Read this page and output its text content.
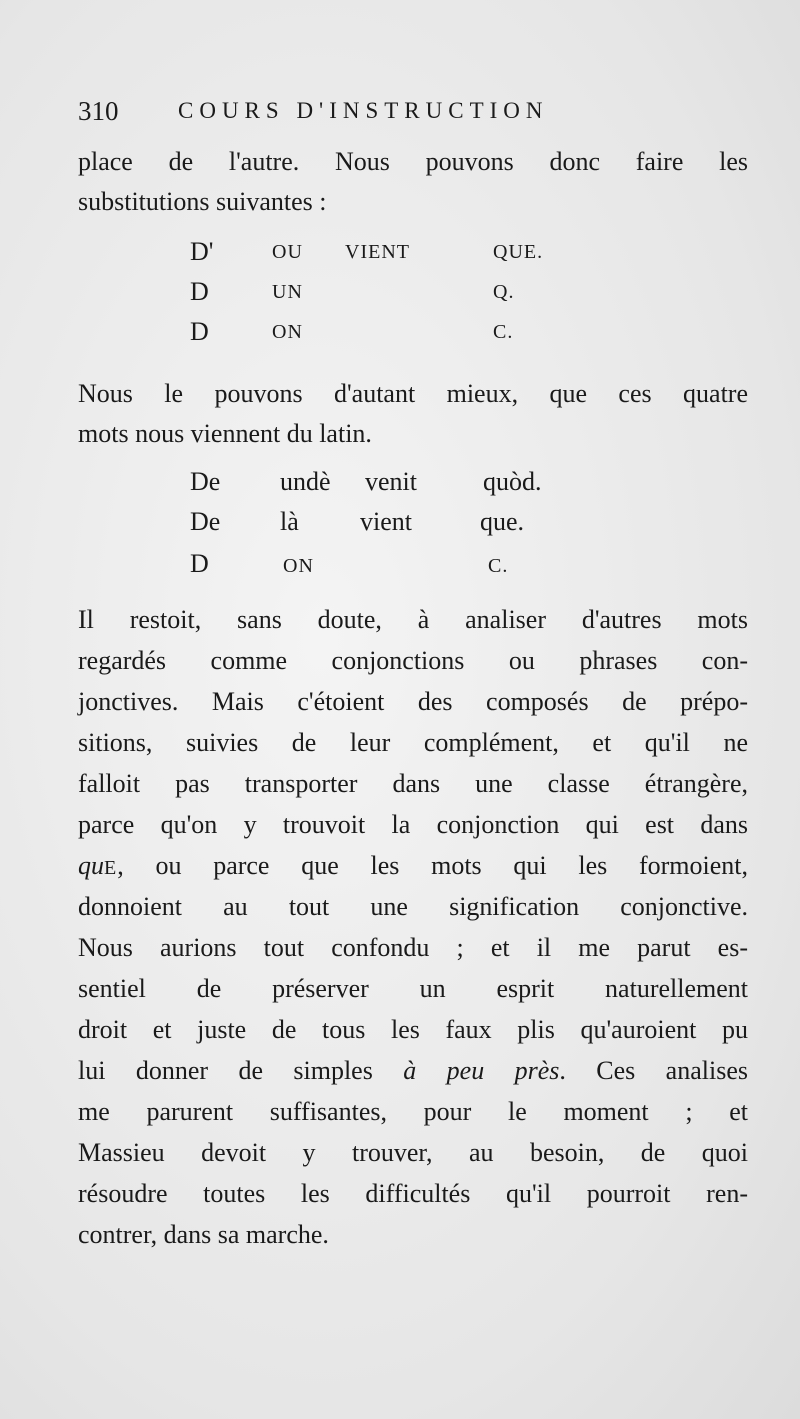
310	COURS D'INSTRUCTION
place de l'autre. Nous pouvons donc faire les
substitutions suivantes :
D'	OU VIENT	QUE.
D	UN	Q.
D	ON	C.
Nous le pouvons d'autant mieux, que ces quatre
mots nous viennent du latin.
De undè venit	quòd.
De là vient	que.
D	ON	C.
Il restoit, sans doute, à analiser d'autres mots
regardés comme conjonctions ou phrases con-
jonctives. Mais c'étoient des composés de prépo-
sitions, suivies de leur complément, et qu'il ne
falloit pas transporter dans une classe étrangère,
parce qu'on y trouvoit la conjonction qui est dans
quE, ou parce que les mots qui les formoient,
donnoient au tout une signification conjonctive.
Nous aurions tout confondu ; et il me parut es-
sentiel de préserver un esprit naturellement
droit et juste de tous les faux plis qu'auroient pu
lui donner de simples à peu près. Ces analises
me parurent suffisantes, pour le moment ; et
Massieu devoit y trouver, au besoin, de quoi
résoudre toutes les difficultés qu'il pourroit ren-
contrer, dans sa marche.
